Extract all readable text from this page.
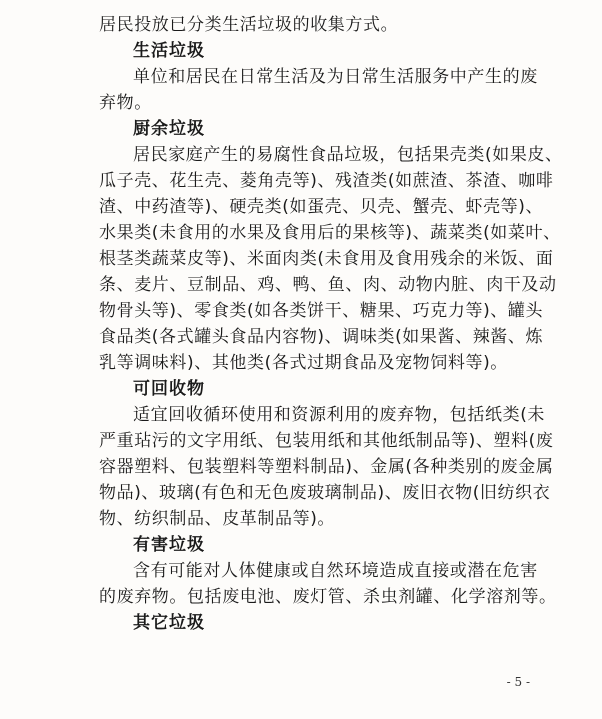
居民投放已分类生活垃圾的收集方式。
生活垃圾
单位和居民在日常生活及为日常生活服务中产生的废
弃物。
厨余垃圾
居民家庭产生的易腐性食品垃圾，包括果壳类(如果皮、
瓜子壳、花生壳、菱角壳等)、残渣类(如蔗渣、茶渣、咖啡
渣、中药渣等)、硬壳类(如蛋壳、贝壳、蟹壳、虾壳等)、
水果类(未食用的水果及食用后的果核等)、蔬菜类(如菜叶、
根茎类蔬菜皮等)、米面肉类(未食用及食用残余的米饭、面
条、麦片、豆制品、鸡、鸭、鱼、肉、动物内脏、肉干及动
物骨头等)、零食类(如各类饼干、糖果、巧克力等)、罐头
食品类(各式罐头食品内容物)、调味类(如果酱、辣酱、炼
乳等调味料)、其他类(各式过期食品及宠物饲料等)。
可回收物
适宜回收循环使用和资源利用的废弃物，包括纸类(未
严重玷污的文字用纸、包装用纸和其他纸制品等)、塑料(废
容器塑料、包装塑料等塑料制品)、金属(各种类别的废金属
物品)、玻璃(有色和无色废玻璃制品)、废旧衣物(旧纺织衣
物、纺织制品、皮革制品等)。
有害垃圾
含有可能对人体健康或自然环境造成直接或潜在危害
的废弃物。包括废电池、废灯管、杀虫剂罐、化学溶剂等。
其它垃圾
- 5 -
